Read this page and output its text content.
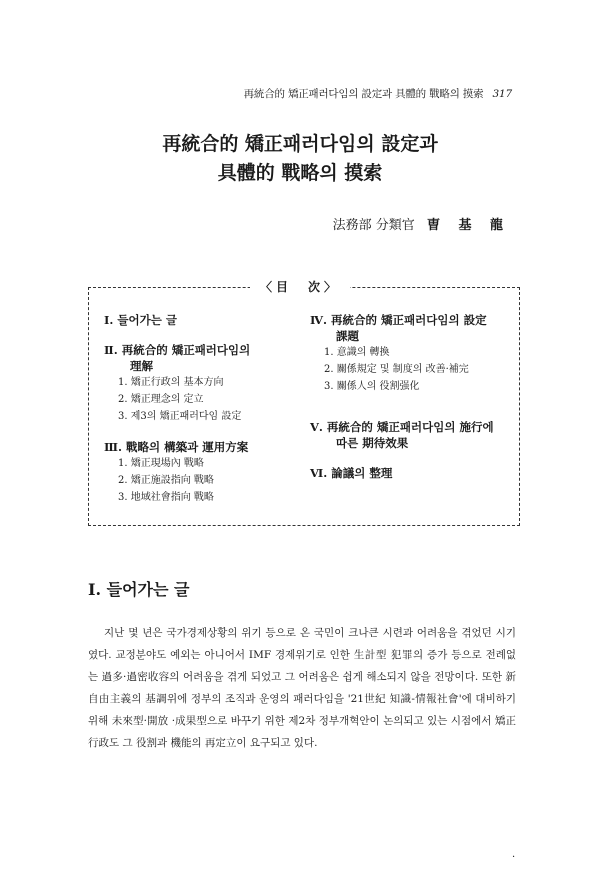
再統合的 矯正패러다임의 設定과 具體的 戰略의 摸索 317
再統合的 矯正패러다임의 設定과
具體的 戰略의 摸索
法務部 分類官 曺 基 龍
〈目　次〉
Ⅰ. 들어가는 글
Ⅱ. 再統合的 矯正패러다임의
理解
1. 矯正行政의 基本方向
2. 矯正理念의 定立
3. 제3의 矯正패러다임 設定
Ⅲ. 戰略의 構築과 運用方案
1. 矯正現場內 戰略
2. 矯正施設指向 戰略
3. 地域社會指向 戰略
Ⅳ. 再統合的 矯正패러다임의 設定
課題
1. 意識의 轉換
2. 關係規定 및 制度의 改善·補完
3. 關係人의 役割强化
Ⅴ. 再統合的 矯正패러다임의 施行에
따른 期待效果
Ⅵ. 論議의 整理
Ⅰ. 들어가는 글

지난 몇 년은 국가경제상황의 위기 등으로 온 국민이 크나큰 시련과 어려움을 겪었던 시기였다. 교정분야도 예외는 아니어서 IMF 경제위기로 인한 生計型 犯罪의 증가 등으로 전례없는 過多·過密收容의 어려움을 겪게 되었고 그 어려움은 쉽게 해소되지 않을 전망이다. 또한 新自由主義의 基調위에 정부의 조직과 운영의 패러다임을 '21世紀 知識-情報社會'에 대비하기 위해 未來型·開放 ·成果型으로 바꾸기 위한 제2차 정부개혁안이 논의되고 있는 시점에서 矯正行政도 그 役割과 機能의 再定立이 요구되고 있다.

·
